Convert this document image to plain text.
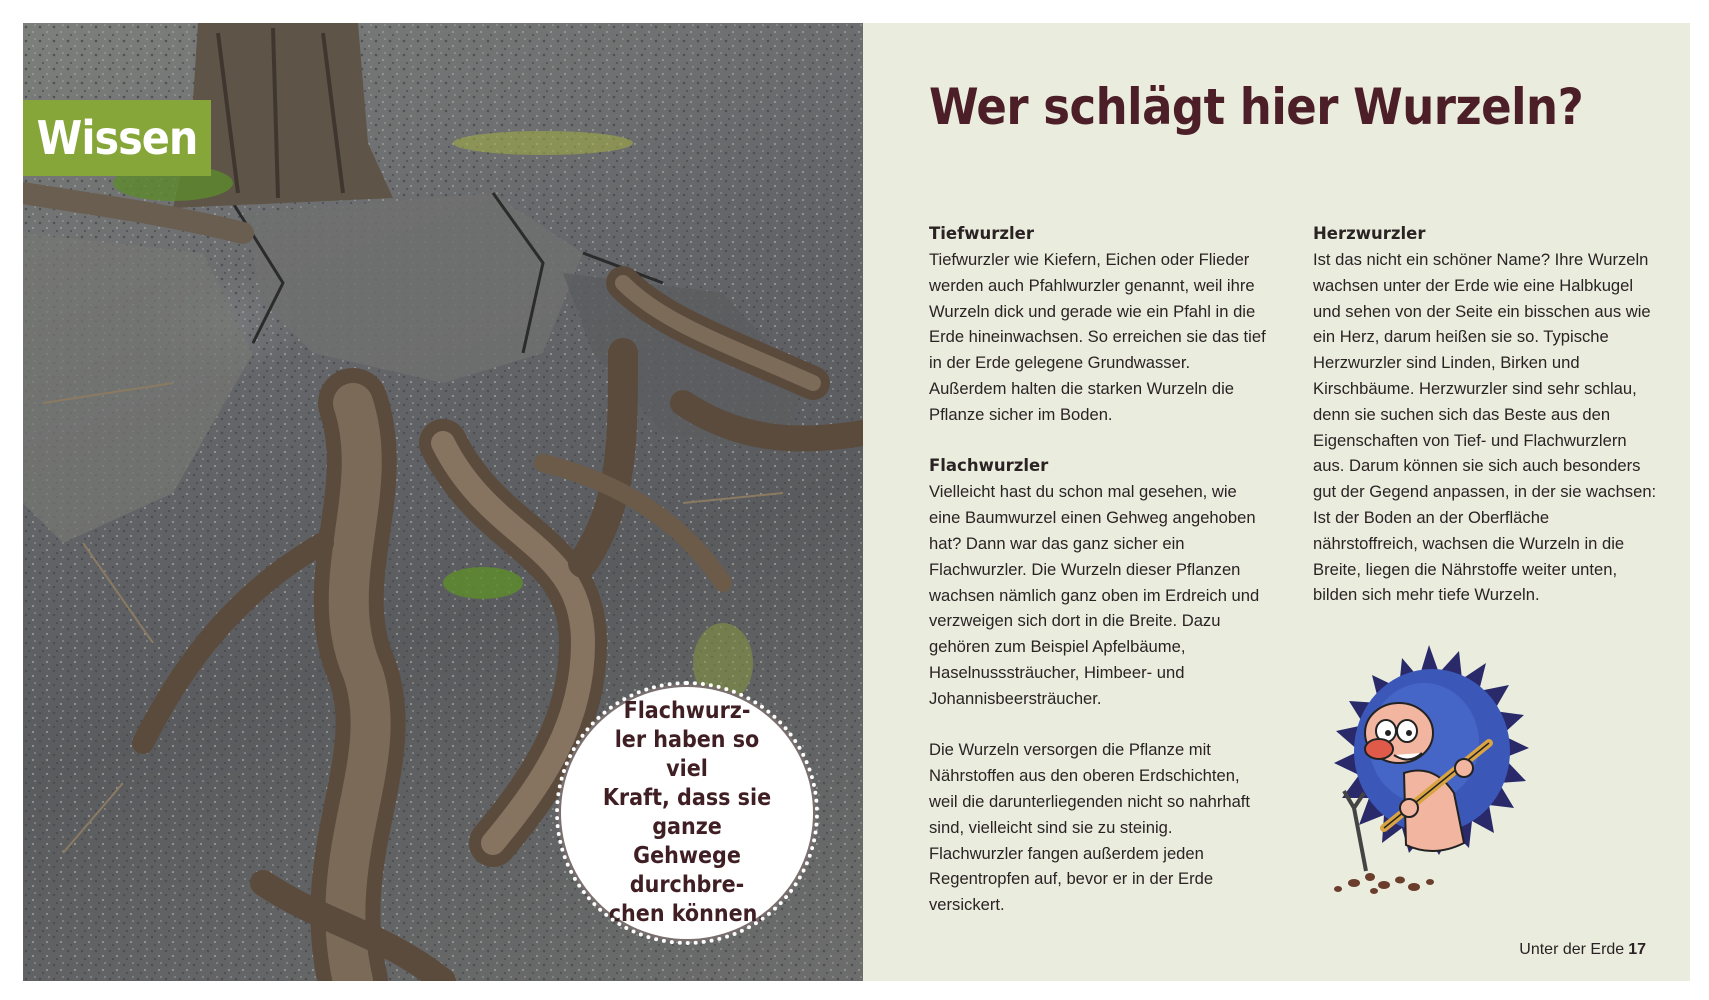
Wissen

Flachwurz-
ler haben so viel
Kraft, dass sie ganze
Gehwege durchbre-
chen können.

Wer schlägt hier Wurzeln?
Tiefwurzler

Tiefwurzler wie Kiefern, Eichen oder Flieder werden auch Pfahlwurzler genannt, weil ihre Wurzeln dick und gerade wie ein Pfahl in die Erde hineinwachsen. So erreichen sie das tief in der Erde gelegene Grundwasser. Außerdem halten die starken Wurzeln die Pflanze sicher im Boden.

Flachwurzler

Vielleicht hast du schon mal gesehen, wie eine Baumwurzel einen Gehweg angehoben hat? Dann war das ganz sicher ein Flachwurzler. Die Wurzeln dieser Pflanzen wachsen nämlich ganz oben im Erdreich und verzweigen sich dort in die Breite. Dazu gehören zum Beispiel Apfelbäume, Haselnusssträucher, Himbeer- und Johannisbeersträucher.

Die Wurzeln versorgen die Pflanze mit Nährstoffen aus den oberen Erdschichten, weil die darunterliegenden nicht so nahrhaft sind, vielleicht sind sie zu steinig. Flachwurzler fangen außerdem jeden Regentropfen auf, bevor er in der Erde versickert.

Herzwurzler

Ist das nicht ein schöner Name? Ihre Wurzeln wachsen unter der Erde wie eine Halbkugel und sehen von der Seite ein bisschen aus wie ein Herz, darum heißen sie so. Typische Herzwurzler sind Linden, Birken und Kirschbäume. Herzwurzler sind sehr schlau, denn sie suchen sich das Beste aus den Eigenschaften von Tief- und Flachwurzlern aus. Darum können sie sich auch besonders gut der Gegend anpassen, in der sie wachsen: Ist der Boden an der Oberfläche nährstoffreich, wachsen die Wurzeln in die Breite, liegen die Nährstoffe weiter unten, bilden sich mehr tiefe Wurzeln.

Unter der Erde 17
